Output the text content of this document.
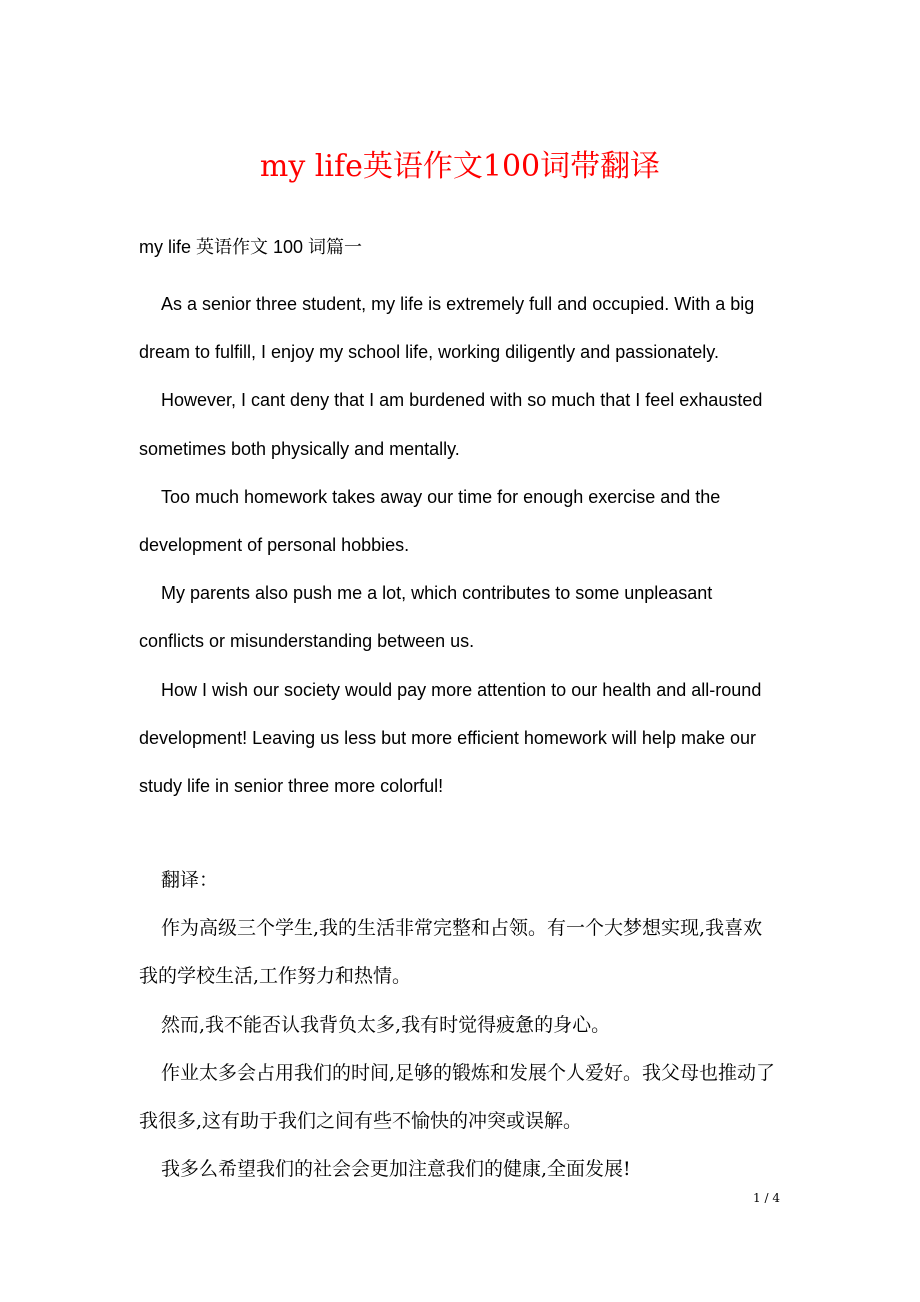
my life英语作文100词带翻译
my life 英语作文 100 词篇一

As a senior three student, my life is extremely full and occupied. With a big dream to fulfill, I enjoy my school life, working diligently and passionately.

However, I cant deny that I am burdened with so much that I feel exhausted sometimes both physically and mentally.

Too much homework takes away our time for enough exercise and the development of personal hobbies.

My parents also push me a lot, which contributes to some unpleasant conflicts or misunderstanding between us.

How I wish our society would pay more attention to our health and all-round development! Leaving us less but more efficient homework will help make our study life in senior three more colorful!

翻译：

作为高级三个学生,我的生活非常完整和占领。有一个大梦想实现,我喜欢我的学校生活,工作努力和热情。

然而,我不能否认我背负太多,我有时觉得疲惫的身心。

作业太多会占用我们的时间,足够的锻炼和发展个人爱好。我父母也推动了我很多,这有助于我们之间有些不愉快的冲突或误解。

我多么希望我们的社会会更加注意我们的健康,全面发展!

1 / 4
